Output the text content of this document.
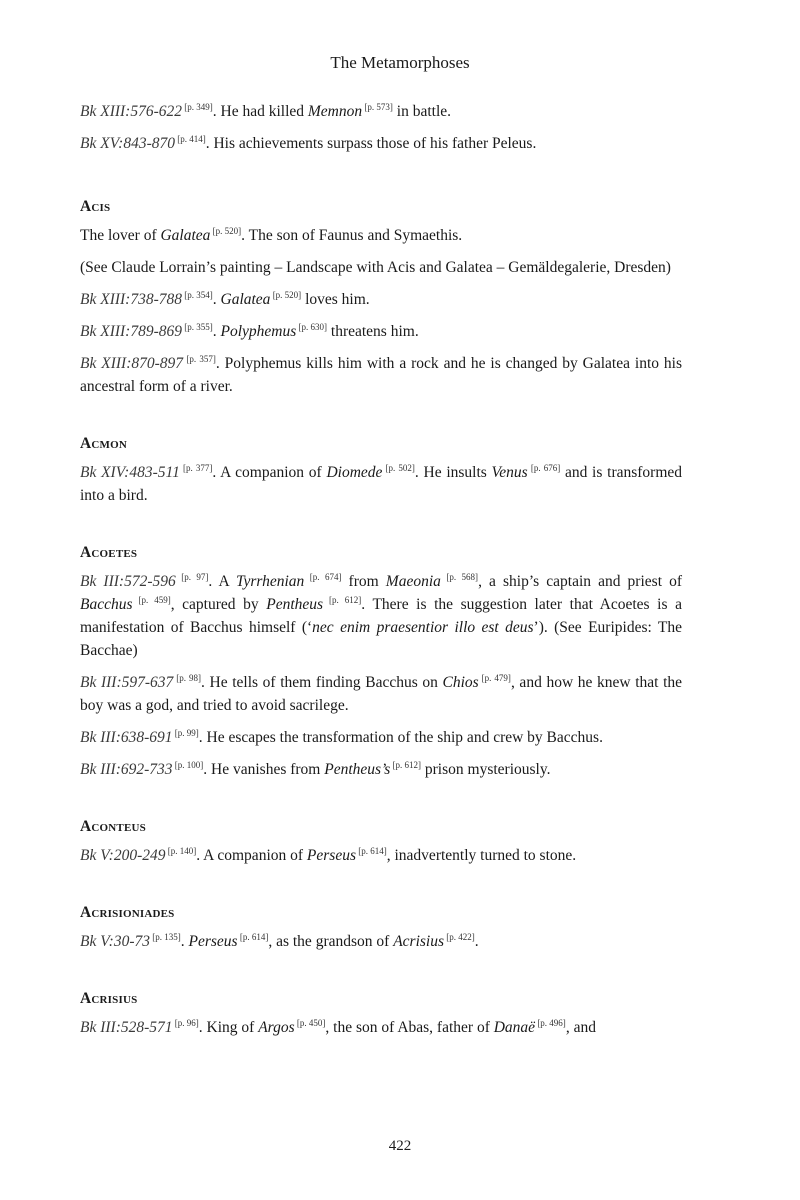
The Metamorphoses

Bk XIII:576-622 [p. 349]. He had killed Memnon [p. 573] in battle.

Bk XV:843-870 [p. 414]. His achievements surpass those of his father Peleus.

Acis

The lover of Galatea [p. 520]. The son of Faunus and Symaethis.

(See Claude Lorrain’s painting – Landscape with Acis and Galatea – Gemäldegalerie, Dresden)

Bk XIII:738-788 [p. 354]. Galatea [p. 520] loves him.

Bk XIII:789-869 [p. 355]. Polyphemus [p. 630] threatens him.

Bk XIII:870-897 [p. 357]. Polyphemus kills him with a rock and he is changed by Galatea into his ancestral form of a river.

Acmon

Bk XIV:483-511 [p. 377]. A companion of Diomede [p. 502]. He insults Venus [p. 676] and is transformed into a bird.

Acoetes

Bk III:572-596 [p. 97]. A Tyrrhenian [p. 674] from Maeonia [p. 568], a ship’s captain and priest of Bacchus [p. 459], captured by Pentheus [p. 612]. There is the suggestion later that Acoetes is a manifestation of Bacchus himself (‘nec enim praesentior illo est deus’). (See Euripides: The Bacchae)

Bk III:597-637 [p. 98]. He tells of them finding Bacchus on Chios [p. 479], and how he knew that the boy was a god, and tried to avoid sacrilege.

Bk III:638-691 [p. 99]. He escapes the transformation of the ship and crew by Bacchus.

Bk III:692-733 [p. 100]. He vanishes from Pentheus’s [p. 612] prison mysteriously.

Aconteus

Bk V:200-249 [p. 140]. A companion of Perseus [p. 614], inadvertently turned to stone.

Acrisioniades

Bk V:30-73 [p. 135]. Perseus [p. 614], as the grandson of Acrisius [p. 422].

Acrisius

Bk III:528-571 [p. 96]. King of Argos [p. 450], the son of Abas, father of Danaë [p. 496], and

422
